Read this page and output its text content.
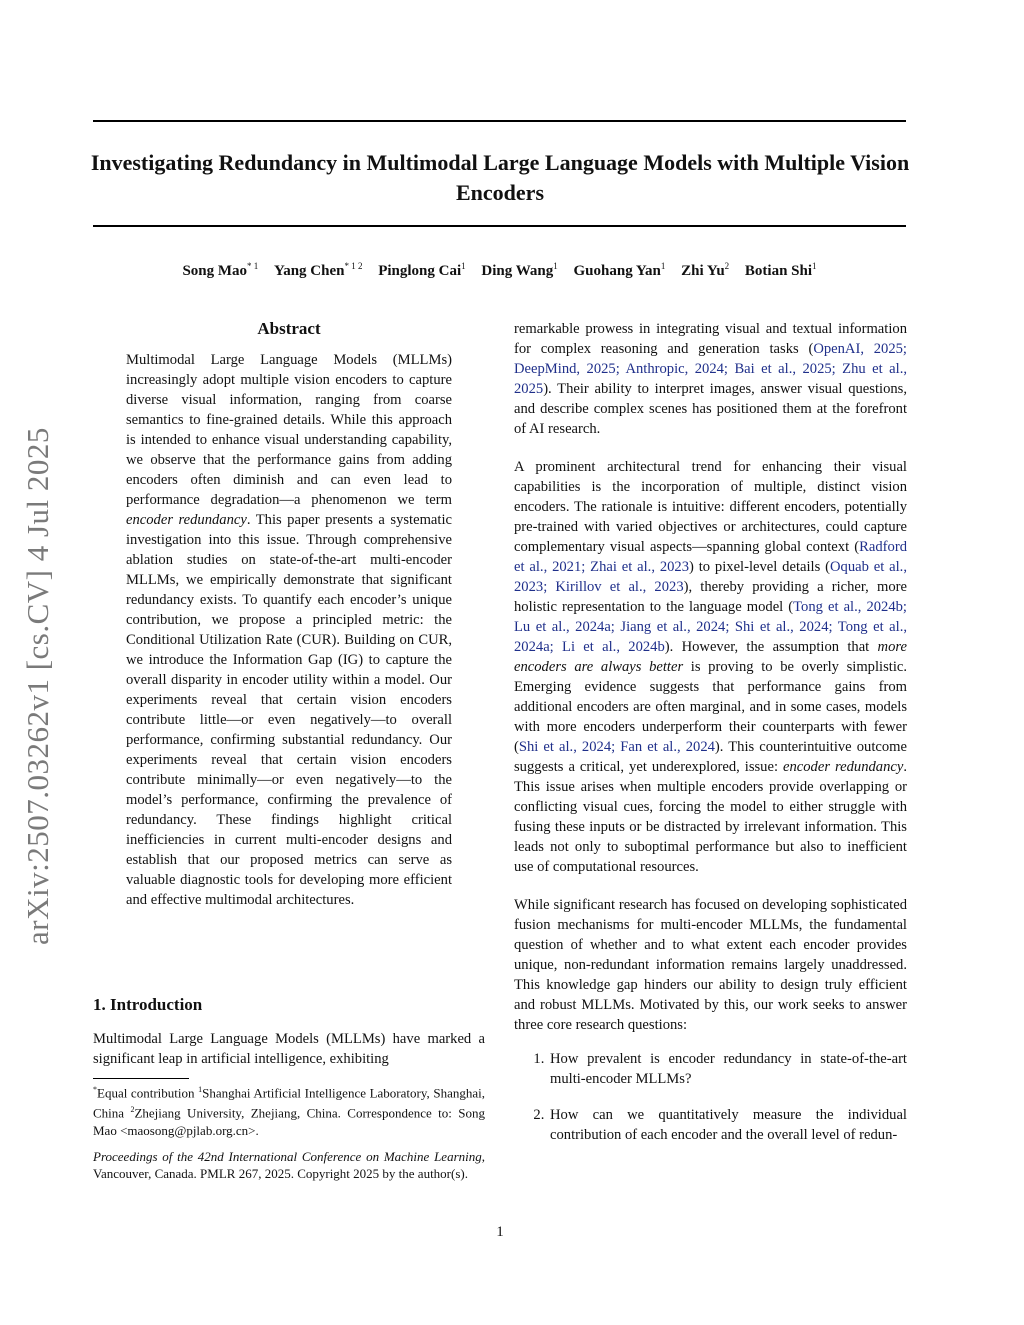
Investigating Redundancy in Multimodal Large Language Models with Multiple Vision Encoders
Song Mao$^{* 1}$ Yang Chen$^{* 1 2}$ Pinglong Cai$^1$ Ding Wang$^1$ Guohang Yan$^1$ Zhi Yu$^2$ Botian Shi$^1$
arXiv:2507.03262v1 [cs.CV] 4 Jul 2025
Abstract
Multimodal Large Language Models (MLLMs) increasingly adopt multiple vision encoders to capture diverse visual information, ranging from coarse semantics to fine-grained details. While this approach is intended to enhance visual understanding capability, we observe that the performance gains from adding encoders often diminish and can even lead to performance degradation—a phenomenon we term encoder redundancy. This paper presents a systematic investigation into this issue. Through comprehensive ablation studies on state-of-the-art multi-encoder MLLMs, we empirically demonstrate that significant redundancy exists. To quantify each encoder’s unique contribution, we propose a principled metric: the Conditional Utilization Rate (CUR). Building on CUR, we introduce the Information Gap (IG) to capture the overall disparity in encoder utility within a model. Our experiments reveal that certain vision encoders contribute little—or even negatively—to overall performance, confirming substantial redundancy. Our experiments reveal that certain vision encoders contribute minimally—or even negatively—to the model’s performance, confirming the prevalence of redundancy. These findings highlight critical inefficiencies in current multi-encoder designs and establish that our proposed metrics can serve as valuable diagnostic tools for developing more efficient and effective multimodal architectures.
1. Introduction
Multimodal Large Language Models (MLLMs) have marked a significant leap in artificial intelligence, exhibiting
*Equal contribution $^1$Shanghai Artificial Intelligence Laboratory, Shanghai, China $^2$Zhejiang University, Zhejiang, China. Correspondence to: Song Mao <maosong@pjlab.org.cn>.
Proceedings of the 42nd International Conference on Machine Learning, Vancouver, Canada. PMLR 267, 2025. Copyright 2025 by the author(s).

remarkable prowess in integrating visual and textual information for complex reasoning and generation tasks (OpenAI, 2025; DeepMind, 2025; Anthropic, 2024; Bai et al., 2025; Zhu et al., 2025). Their ability to interpret images, answer visual questions, and describe complex scenes has positioned them at the forefront of AI research.

A prominent architectural trend for enhancing their visual capabilities is the incorporation of multiple, distinct vision encoders. The rationale is intuitive: different encoders, potentially pre-trained with varied objectives or architectures, could capture complementary visual aspects—spanning global context (Radford et al., 2021; Zhai et al., 2023) to pixel-level details (Oquab et al., 2023; Kirillov et al., 2023), thereby providing a richer, more holistic representation to the language model (Tong et al., 2024b; Lu et al., 2024a; Jiang et al., 2024; Shi et al., 2024; Tong et al., 2024a; Li et al., 2024b). However, the assumption that more encoders are always better is proving to be overly simplistic. Emerging evidence suggests that performance gains from additional encoders are often marginal, and in some cases, models with more encoders underperform their counterparts with fewer (Shi et al., 2024; Fan et al., 2024). This counterintuitive outcome suggests a critical, yet underexplored, issue: encoder redundancy. This issue arises when multiple encoders provide overlapping or conflicting visual cues, forcing the model to either struggle with fusing these inputs or be distracted by irrelevant information. This leads not only to suboptimal performance but also to inefficient use of computational resources.

While significant research has focused on developing sophisticated fusion mechanisms for multi-encoder MLLMs, the fundamental question of whether and to what extent each encoder provides unique, non-redundant information remains largely unaddressed. This knowledge gap hinders our ability to design truly efficient and robust MLLMs. Motivated by this, our work seeks to answer three core research questions:

1. How prevalent is encoder redundancy in state-of-the-art multi-encoder MLLMs?
2. How can we quantitatively measure the individual contribution of each encoder and the overall level of redun-
1
